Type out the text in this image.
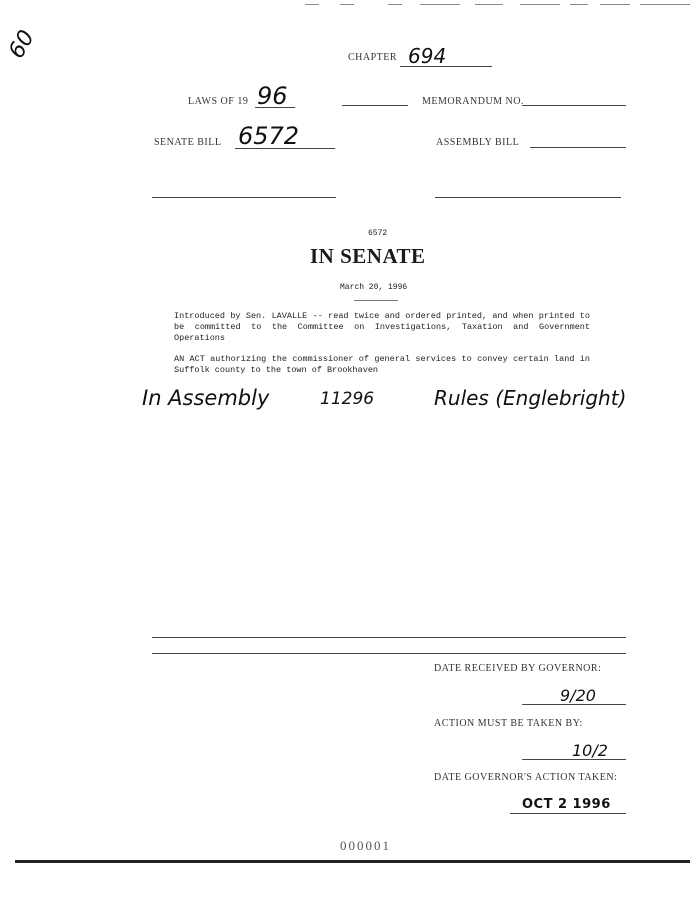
60	CHAPTER 694
LAWS OF 19 96	MEMORANDUM NO.
SENATE BILL 6572	ASSEMBLY BILL
6572
IN SENATE
March 20, 1996
Introduced by Sen. LAVALLE -- read twice and ordered printed, and when printed to be committed to the Committee on Investigations, Taxation and Government Operations
AN ACT authorizing the commissioner of general services to convey certain land in Suffolk county to the town of Brookhaven
In Assembly	11296	Rules (Englebright)
DATE RECEIVED BY GOVERNOR:
9/20
ACTION MUST BE TAKEN BY:
10/2
DATE GOVERNOR'S ACTION TAKEN:
OCT 2 1996
000001
